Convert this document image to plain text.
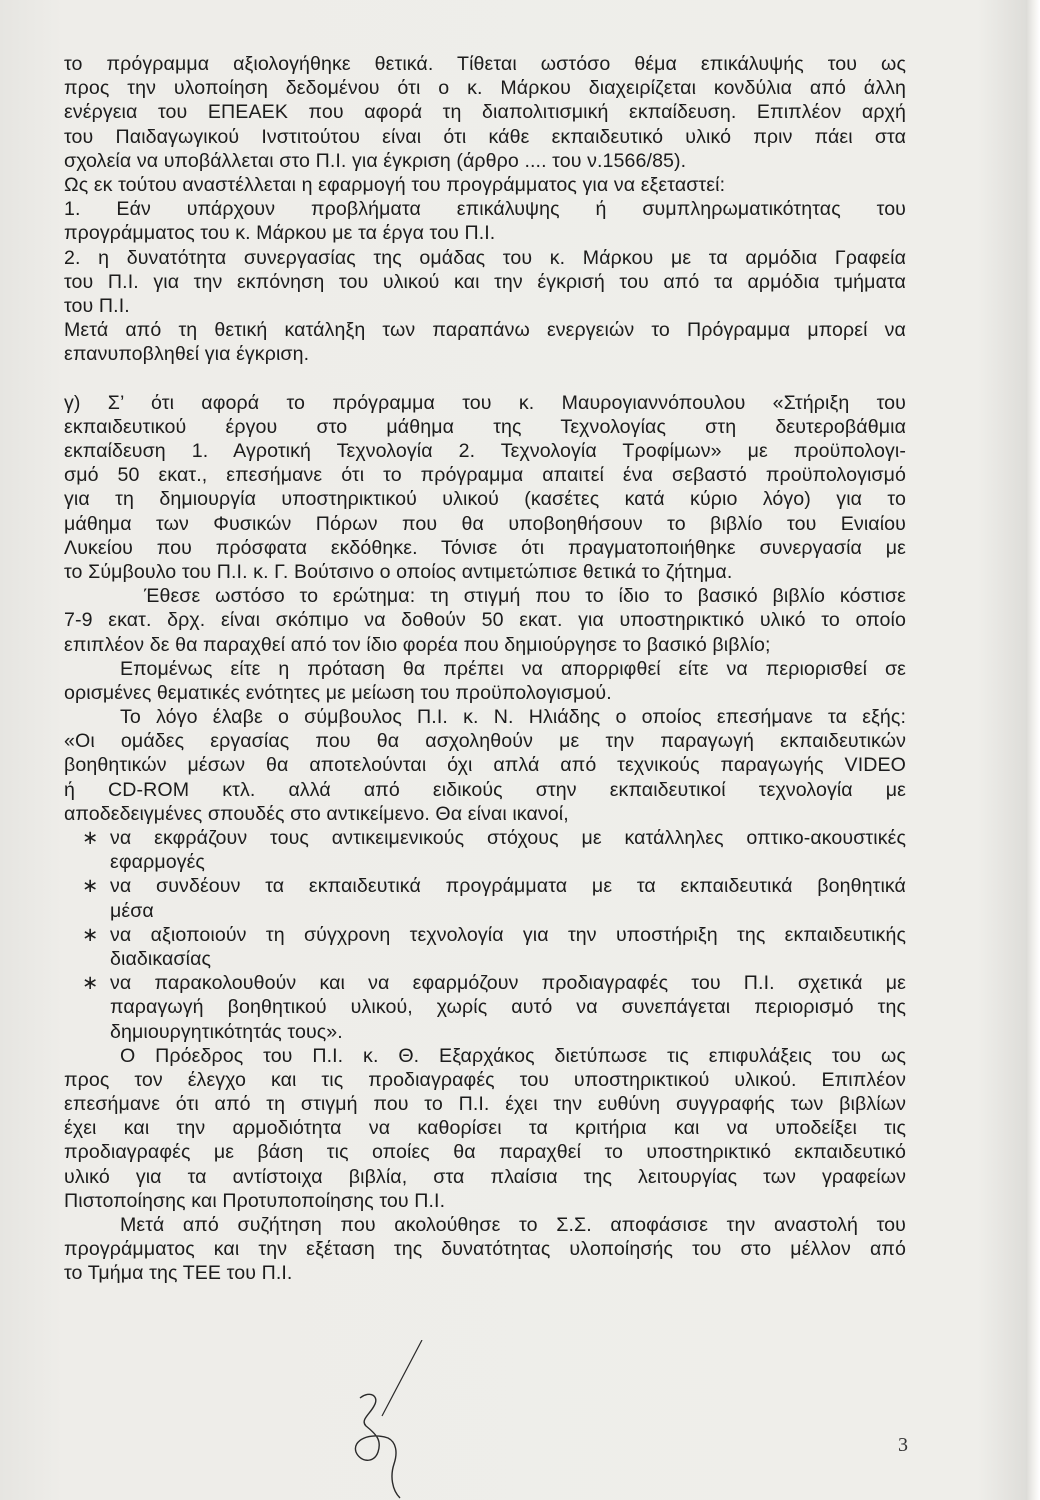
το πρόγραμμα αξιολογήθηκε θετικά. Τίθεται ωστόσο θέμα επικάλυψής του ως
προς την υλοποίηση δεδομένου ότι ο κ. Μάρκου διαχειρίζεται κονδύλια από άλλη
ενέργεια του ΕΠΕΑΕΚ που αφορά τη διαπολιτισμική εκπαίδευση. Επιπλέον αρχή
του Παιδαγωγικού Ινστιτούτου είναι ότι κάθε εκπαιδευτικό υλικό πριν πάει στα
σχολεία να υποβάλλεται στο Π.Ι. για έγκριση (άρθρο .... του ν.1566/85).
Ως εκ τούτου αναστέλλεται η εφαρμογή του προγράμματος για να εξεταστεί:
1. Εάν υπάρχουν προβλήματα επικάλυψης ή συμπληρωματικότητας του
προγράμματος του κ. Μάρκου με τα έργα του Π.Ι.
2. η δυνατότητα συνεργασίας της ομάδας του κ. Μάρκου με τα αρμόδια Γραφεία
του Π.Ι. για την εκπόνηση του υλικού και την έγκρισή του από τα αρμόδια τμήματα
του Π.Ι.
Μετά από τη θετική κατάληξη των παραπάνω ενεργειών το Πρόγραμμα μπορεί να
επανυποβληθεί για έγκριση.
γ) Σ’ ότι αφορά το πρόγραμμα του κ. Μαυρογιαννόπουλου «Στήριξη του
εκπαιδευτικού έργου στο μάθημα της Τεχνολογίας στη δευτεροβάθμια
εκπαίδευση 1. Αγροτική Τεχνολογία 2. Τεχνολογία Τροφίμων» με προϋπολογι-
σμό 50 εκατ., επεσήμανε ότι το πρόγραμμα απαιτεί ένα σεβαστό προϋπολογισμό
για τη δημιουργία υποστηρικτικού υλικού (κασέτες κατά κύριο λόγο) για το
μάθημα των Φυσικών Πόρων που θα υποβοηθήσουν το βιβλίο του Ενιαίου
Λυκείου που πρόσφατα εκδόθηκε. Τόνισε ότι πραγματοποιήθηκε συνεργασία με
το Σύμβουλο του Π.Ι. κ. Γ. Βούτσινο ο οποίος αντιμετώπισε θετικά το ζήτημα.
Έθεσε ωστόσο το ερώτημα: τη στιγμή που το ίδιο το βασικό βιβλίο κόστισε
7-9 εκατ. δρχ. είναι σκόπιμο να δοθούν 50 εκατ. για υποστηρικτικό υλικό το οποίο
επιπλέον δε θα παραχθεί από τον ίδιο φορέα που δημιούργησε το βασικό βιβλίο;
Επομένως είτε η πρόταση θα πρέπει να απορριφθεί είτε να περιορισθεί σε
ορισμένες θεματικές ενότητες με μείωση του προϋπολογισμού.
Το λόγο έλαβε ο σύμβουλος Π.Ι. κ. Ν. Ηλιάδης ο οποίος επεσήμανε τα εξής:
«Οι ομάδες εργασίας που θα ασχοληθούν με την παραγωγή εκπαιδευτικών
βοηθητικών μέσων θα αποτελούνται όχι απλά από τεχνικούς παραγωγής VIDEO
ή CD-ROM κτλ. αλλά από ειδικούς στην εκπαιδευτικοί τεχνολογία με
αποδεδειγμένες σπουδές στο αντικείμενο. Θα είναι ικανοί,
∗ να εκφράζουν τους αντικειμενικούς στόχους με κατάλληλες οπτικο-ακουστικές
εφαρμογές
∗ να συνδέουν τα εκπαιδευτικά προγράμματα με τα εκπαιδευτικά βοηθητικά
μέσα
∗ να αξιοποιούν τη σύγχρονη τεχνολογία για την υποστήριξη της εκπαιδευτικής
διαδικασίας
∗ να παρακολουθούν και να εφαρμόζουν προδιαγραφές του Π.Ι. σχετικά με
παραγωγή βοηθητικού υλικού, χωρίς αυτό να συνεπάγεται περιορισμό της
δημιουργητικότητάς τους».
Ο Πρόεδρος του Π.Ι. κ. Θ. Εξαρχάκος διετύπωσε τις επιφυλάξεις του ως
προς τον έλεγχο και τις προδιαγραφές του υποστηρικτικού υλικού. Επιπλέον
επεσήμανε ότι από τη στιγμή που το Π.Ι. έχει την ευθύνη συγγραφής των βιβλίων
έχει και την αρμοδιότητα να καθορίσει τα κριτήρια και να υποδείξει τις
προδιαγραφές με βάση τις οποίες θα παραχθεί το υποστηρικτικό εκπαιδευτικό
υλικό για τα αντίστοιχα βιβλία, στα πλαίσια της λειτουργίας των γραφείων
Πιστοποίησης και Προτυποποίησης του Π.Ι.
Μετά από συζήτηση που ακολούθησε το Σ.Σ. αποφάσισε την αναστολή του
προγράμματος και την εξέταση της δυνατότητας υλοποίησής του στο μέλλον από
το Τμήμα της ΤΕΕ του Π.Ι.
3
